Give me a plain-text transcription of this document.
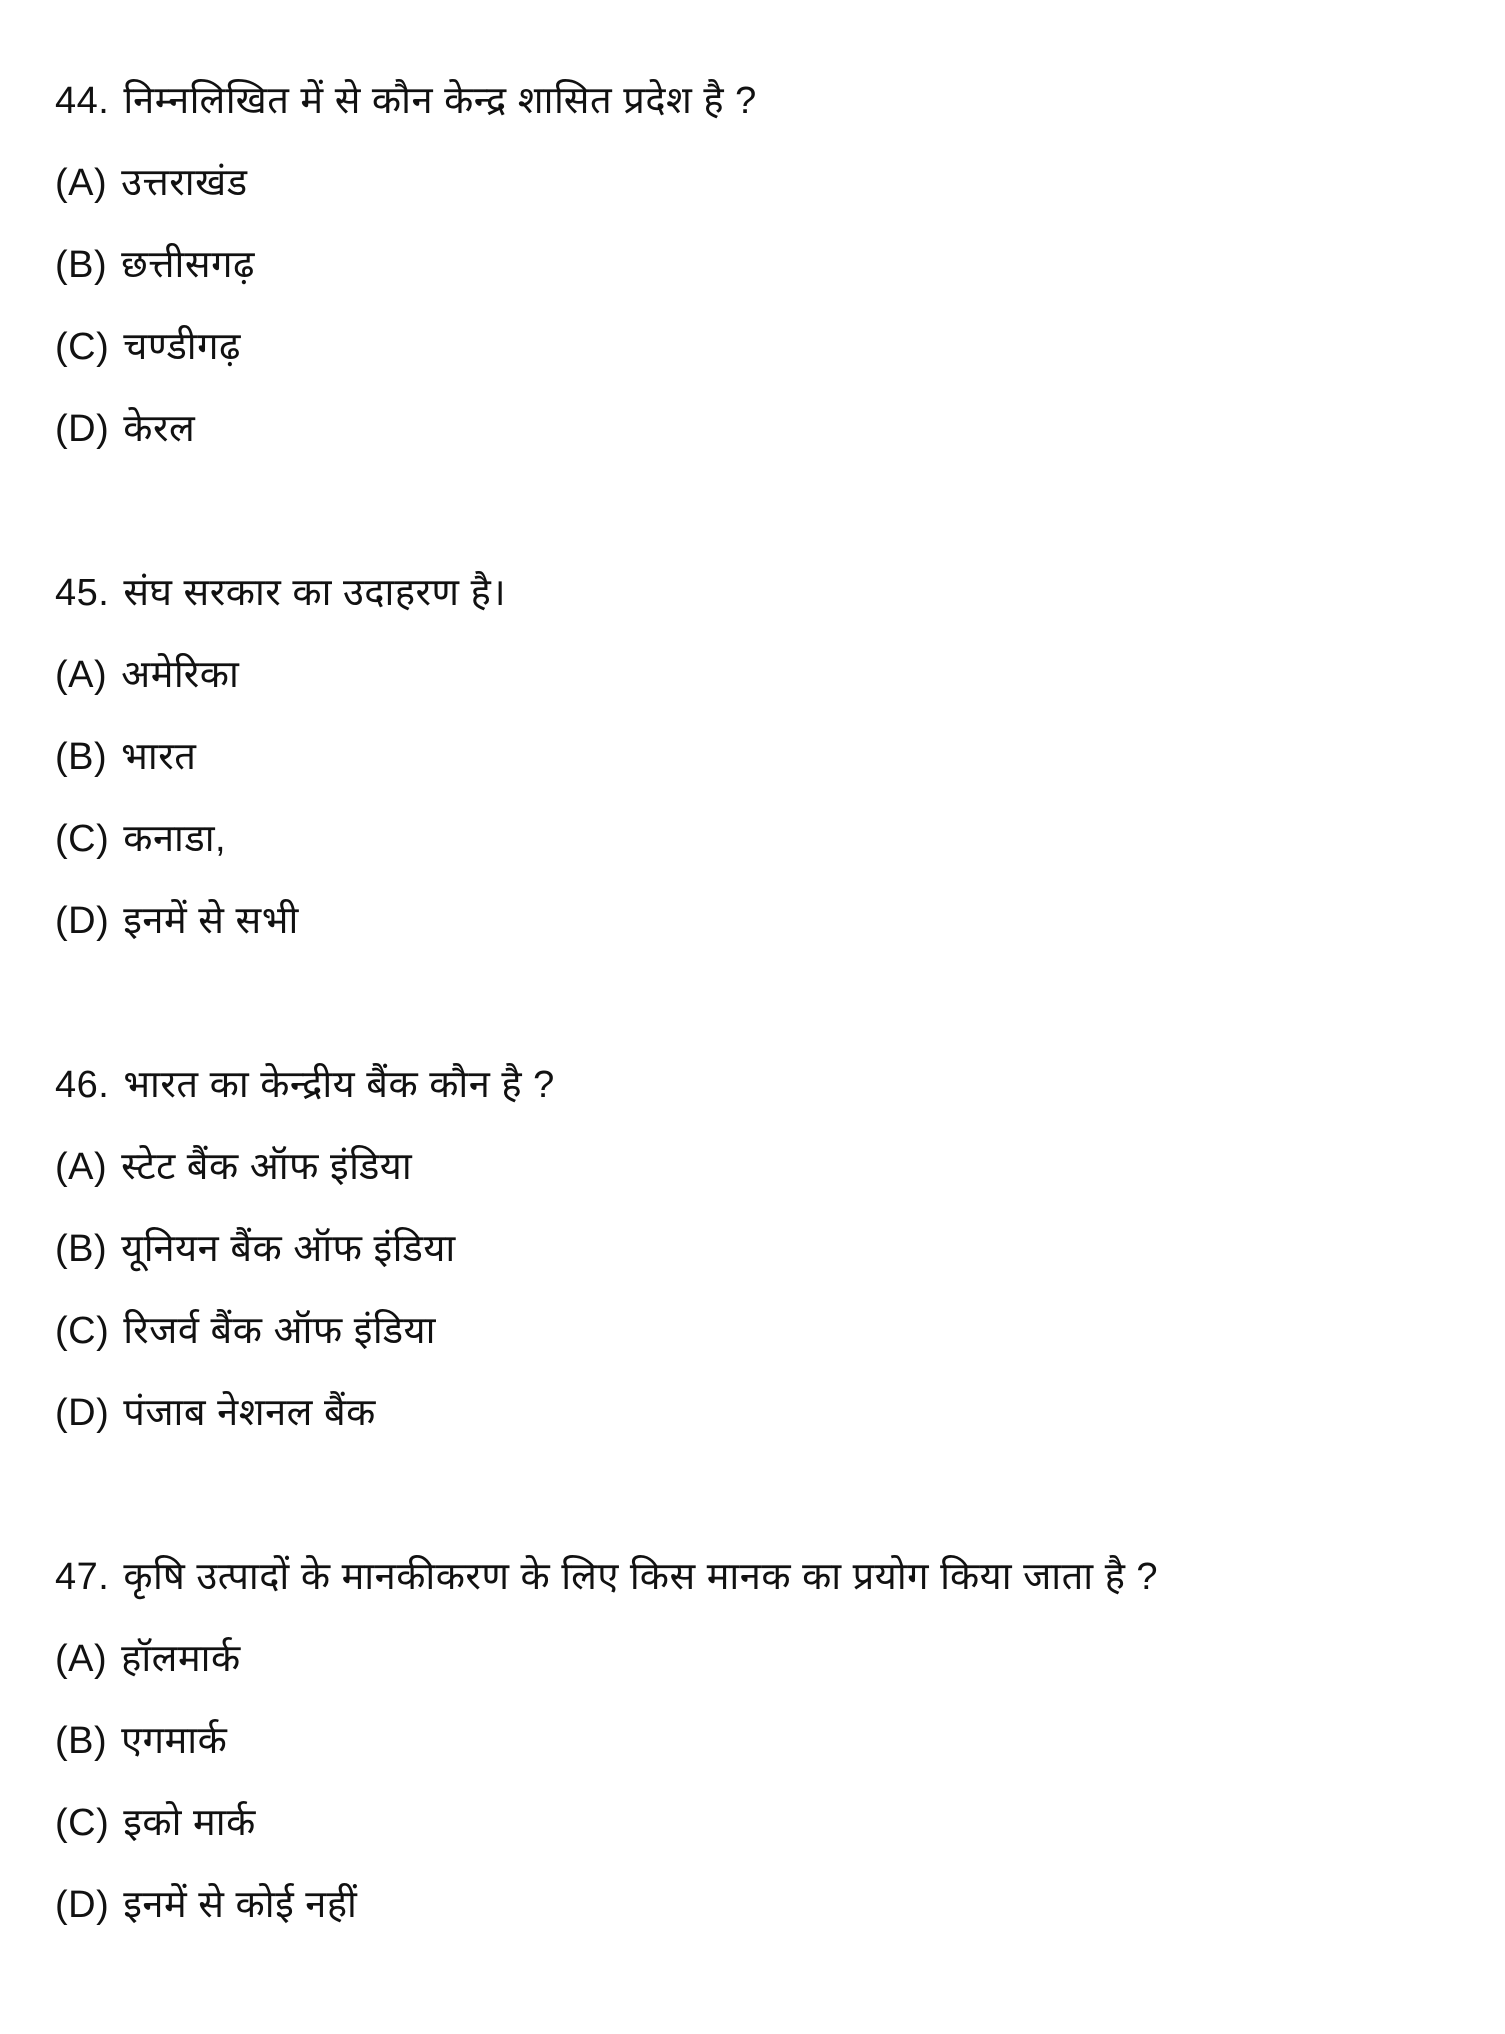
44. निम्नलिखित में से कौन केन्द्र शासित प्रदेश है ?
(A) उत्तराखंड
(B) छत्तीसगढ़
(C) चण्डीगढ़
(D) केरल
45. संघ सरकार का उदाहरण है।
(A) अमेरिका
(B) भारत
(C) कनाडा,
(D) इनमें से सभी
46. भारत का केन्द्रीय बैंक कौन है ?
(A) स्टेट बैंक ऑफ इंडिया
(B) यूनियन बैंक ऑफ इंडिया
(C) रिजर्व बैंक ऑफ इंडिया
(D) पंजाब नेशनल बैंक
47. कृषि उत्पादों के मानकीकरण के लिए किस मानक का प्रयोग किया जाता है ?
(A) हॉलमार्क
(B) एगमार्क
(C) इको मार्क
(D) इनमें से कोई नहीं
